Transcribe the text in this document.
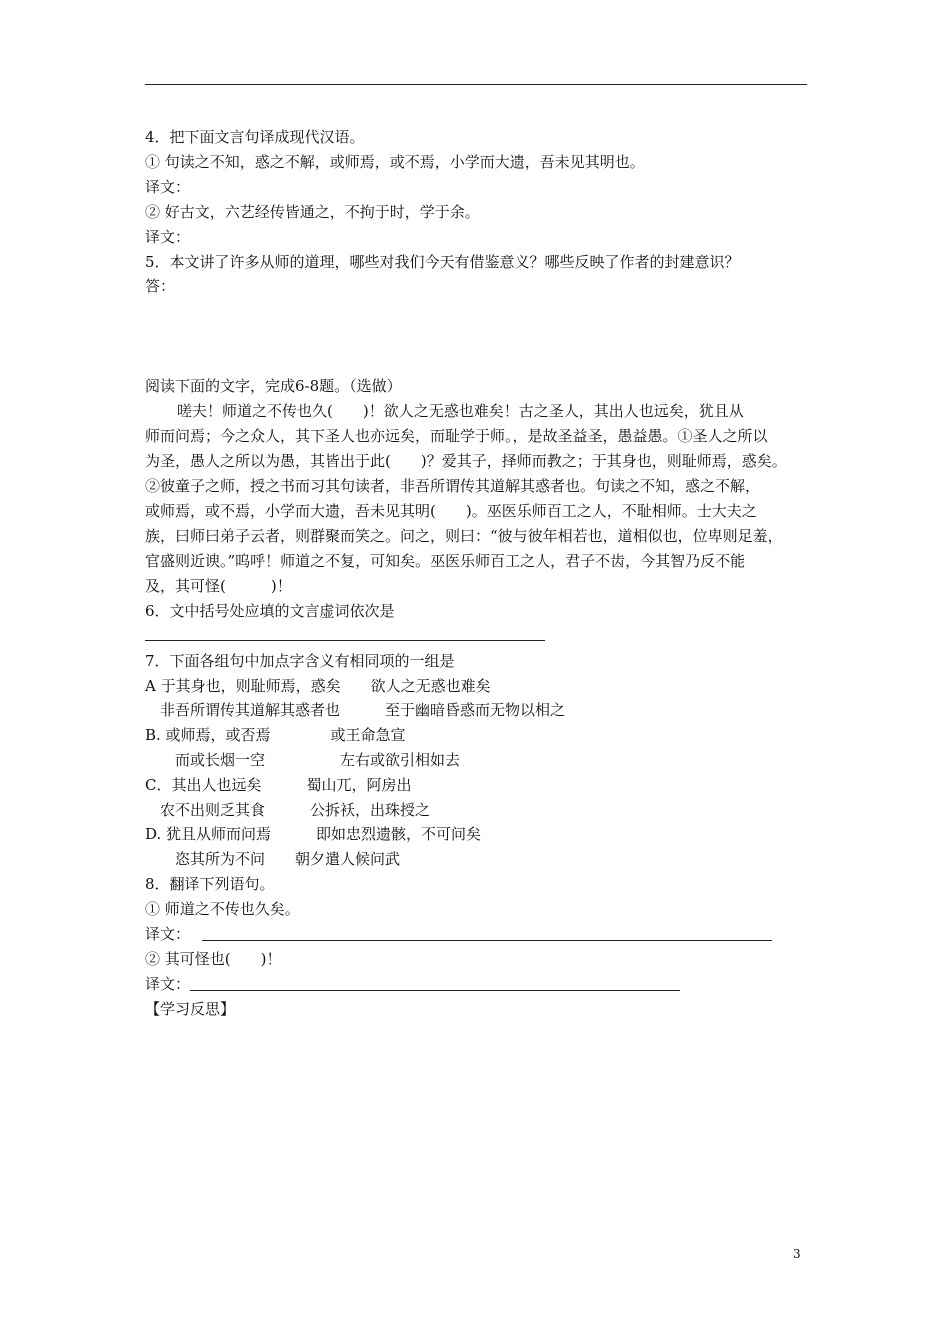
4．把下面文言句译成现代汉语。
① 句读之不知，惑之不解，或师焉，或不焉，小学而大遗，吾未见其明也。
译文：
② 好古文，六艺经传皆通之，不拘于时，学于余。
译文：
5．本文讲了许多从师的道理，哪些对我们今天有借鉴意义？哪些反映了作者的封建意识？
答：
阅读下面的文字，完成6-8题。（选做）
嗟夫！师道之不传也久(　　)！欲人之无惑也难矣！古之圣人，其出人也远矣，犹且从
师而问焉；今之众人，其下圣人也亦远矣，而耻学于师。，是故圣益圣，愚益愚。①圣人之所以
为圣，愚人之所以为愚，其皆出于此(　　)？爱其子，择师而教之；于其身也，则耻师焉，惑矣。
②彼童子之师，授之书而习其句读者，非吾所谓传其道解其惑者也。句读之不知，惑之不解，
或师焉，或不焉，小学而大遗，吾未见其明(　　)。巫医乐师百工之人，不耻相师。士大夫之
族，曰师曰弟子云者，则群聚而笑之。问之，则曰：“彼与彼年相若也，道相似也，位卑则足羞，
官盛则近谀。”呜呼！师道之不复，可知矣。巫医乐师百工之人，君子不齿，今其智乃反不能
及，其可怪(　　　)！
6．文中括号处应填的文言虚词依次是
7．下面各组句中加点字含义有相同项的一组是
A 于其身也，则耻师焉，惑矣　　欲人之无惑也难矣
非吾所谓传其道解其惑者也　　　至于幽暗昏惑而无物以相之
B. 或师焉，或否焉　　　　或王命急宣
而或长烟一空　　　　　左右或欲引相如去
C．其出人也远矣　　　蜀山兀，阿房出
农不出则乏其食　　　公拆袄，出珠授之
D. 犹且从师而问焉　　　即如忠烈遗骸，不可问矣
恣其所为不问　　朝夕遣人候问武
8．翻译下列语句。
① 师道之不传也久矣。
译文：
② 其可怪也(　　)！
译文：
【学习反思】
3
